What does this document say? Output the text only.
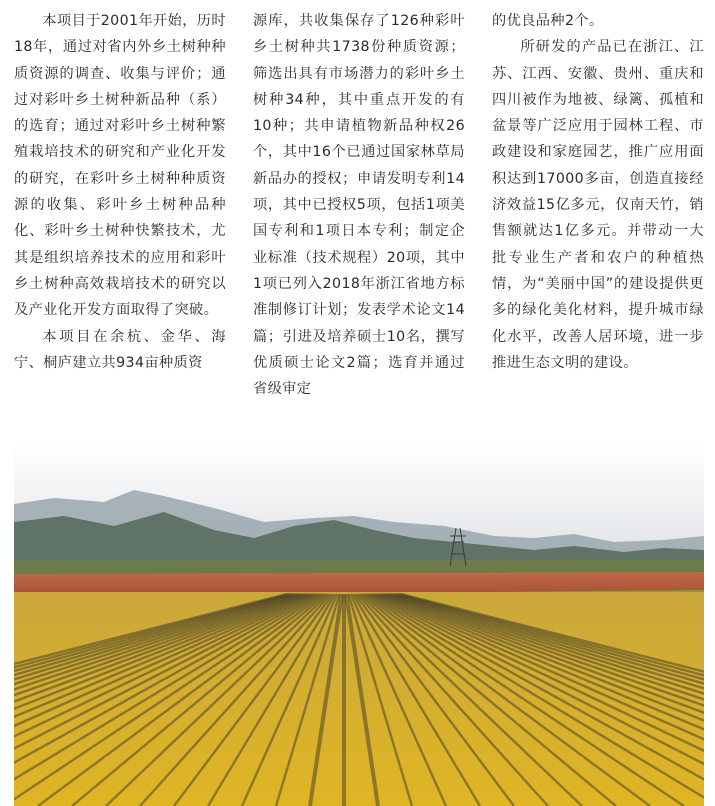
本项目于2001年开始，历时18年，通过对省内外乡土树种种质资源的调查、收集与评价；通过对彩叶乡土树种新品种（系）的选育；通过对彩叶乡土树种繁殖栽培技术的研究和产业化开发的研究，在彩叶乡土树种种质资源的收集、彩叶乡土树种品种化、彩叶乡土树种快繁技术，尤其是组织培养技术的应用和彩叶乡土树种高效栽培技术的研究以及产业化开发方面取得了突破。

本项目在余杭、金华、海宁、桐庐建立共934亩种质资

源库，共收集保存了126种彩叶乡土树种共1738份种质资源；筛选出具有市场潜力的彩叶乡土树种34种，其中重点开发的有10种；共申请植物新品种权26个，其中16个已通过国家林草局新品办的授权；申请发明专利14项，其中已授权5项，包括1项美国专利和1项日本专利；制定企业标准（技术规程）20项，其中1项已列入2018年浙江省地方标准制修订计划；发表学术论文14篇；引进及培养硕士10名，撰写优质硕士论文2篇；选育并通过省级审定

的优良品种2个。

所研发的产品已在浙江、江苏、江西、安徽、贵州、重庆和四川被作为地被、绿篱、孤植和盆景等广泛应用于园林工程、市政建设和家庭园艺，推广应用面积达到17000多亩，创造直接经济效益15亿多元，仅南天竹，销售额就达1亿多元。并带动一大批专业生产者和农户的种植热情，为“美丽中国”的建设提供更多的绿化美化材料，提升城市绿化水平，改善人居环境，进一步推进生态文明的建设。
